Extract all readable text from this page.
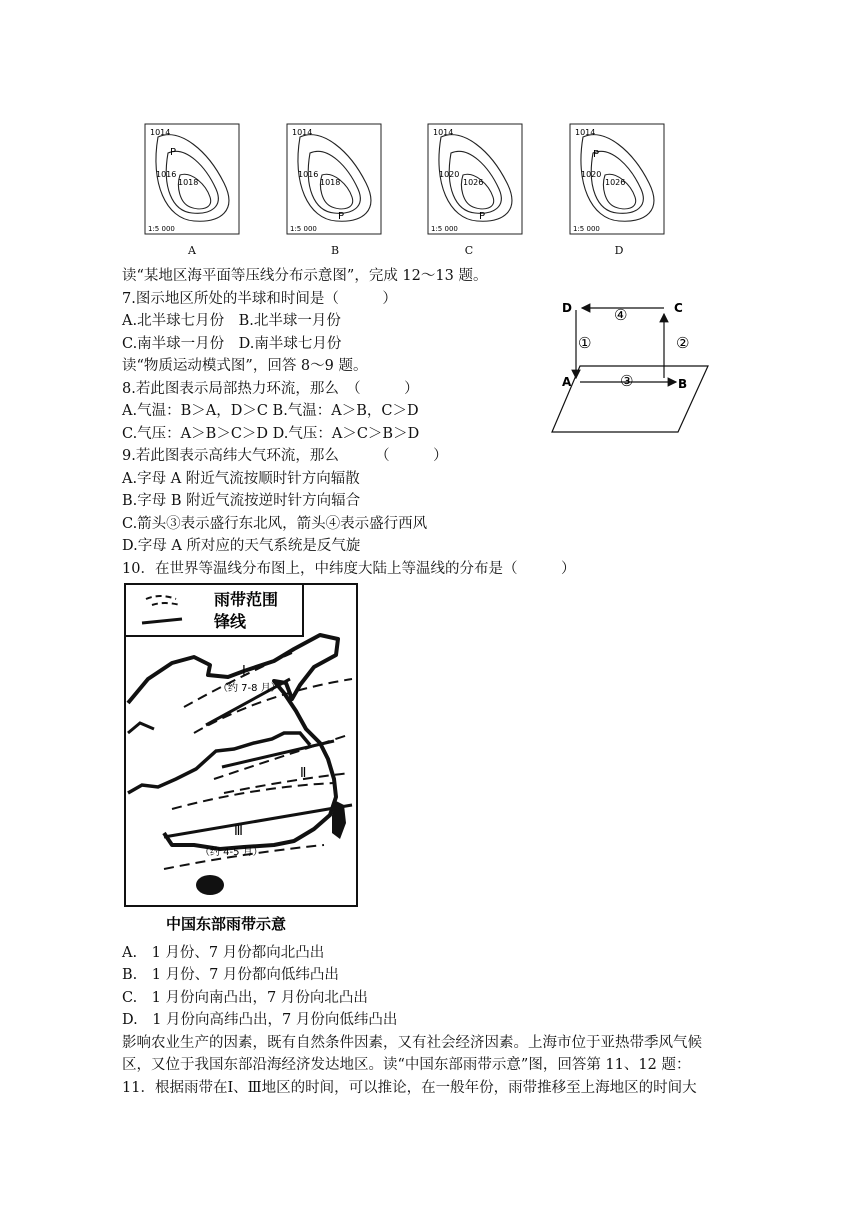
1014
1016
1018
P
1:5 000
1014
1016
1018
P
1:5 000
1014
1020
1026
P
1:5 000
1014
1020
1026
P
1:5 000
A	B	C	D
读“某地区海平面等压线分布示意图”，完成 12～13 题。
7.图示地区所处的半球和时间是（　　　）
A.北半球七月份　B.北半球一月份
C.南半球一月份　D.南半球七月份
读“物质运动模式图”，回答 8～9 题。
8.若此图表示局部热力环流，那么　（　　　）
A.气温：B＞A，D＞C B.气温：A＞B，C＞D
C.气压：A＞B＞C＞D D.气压：A＞C＞B＞D
9.若此图表示高纬大气环流，那么　　　（　　　）
A.字母 A 附近气流按顺时针方向辐散
B.字母 B 附近气流按逆时针方向辐合
C.箭头③表示盛行东北风，箭头④表示盛行西风
D.字母 A 所对应的天气系统是反气旋
10．在世界等温线分布图上，中纬度大陆上等温线的分布是（　　　）
A.　1 月份、7 月份都向北凸出
B.　1 月份、7 月份都向低纬凸出
C.　1 月份向南凸出，7 月份向北凸出
D.　1 月份向高纬凸出，7 月份向低纬凸出
影响农业生产的因素，既有自然条件因素，又有社会经济因素。上海市位于亚热带季风气候
区，又位于我国东部沿海经济发达地区。读“中国东部雨带示意”图，回答第 11、12 题：
11．根据雨带在Ⅰ、Ⅲ地区的时间，可以推论，在一般年份，雨带推移至上海地区的时间大
D	C
A	B
①	②
③
④
雨带范围
锋线
Ⅰ
（约 7-8 月）
Ⅱ
Ⅲ
（约 4-5 月）
中国东部雨带示意
